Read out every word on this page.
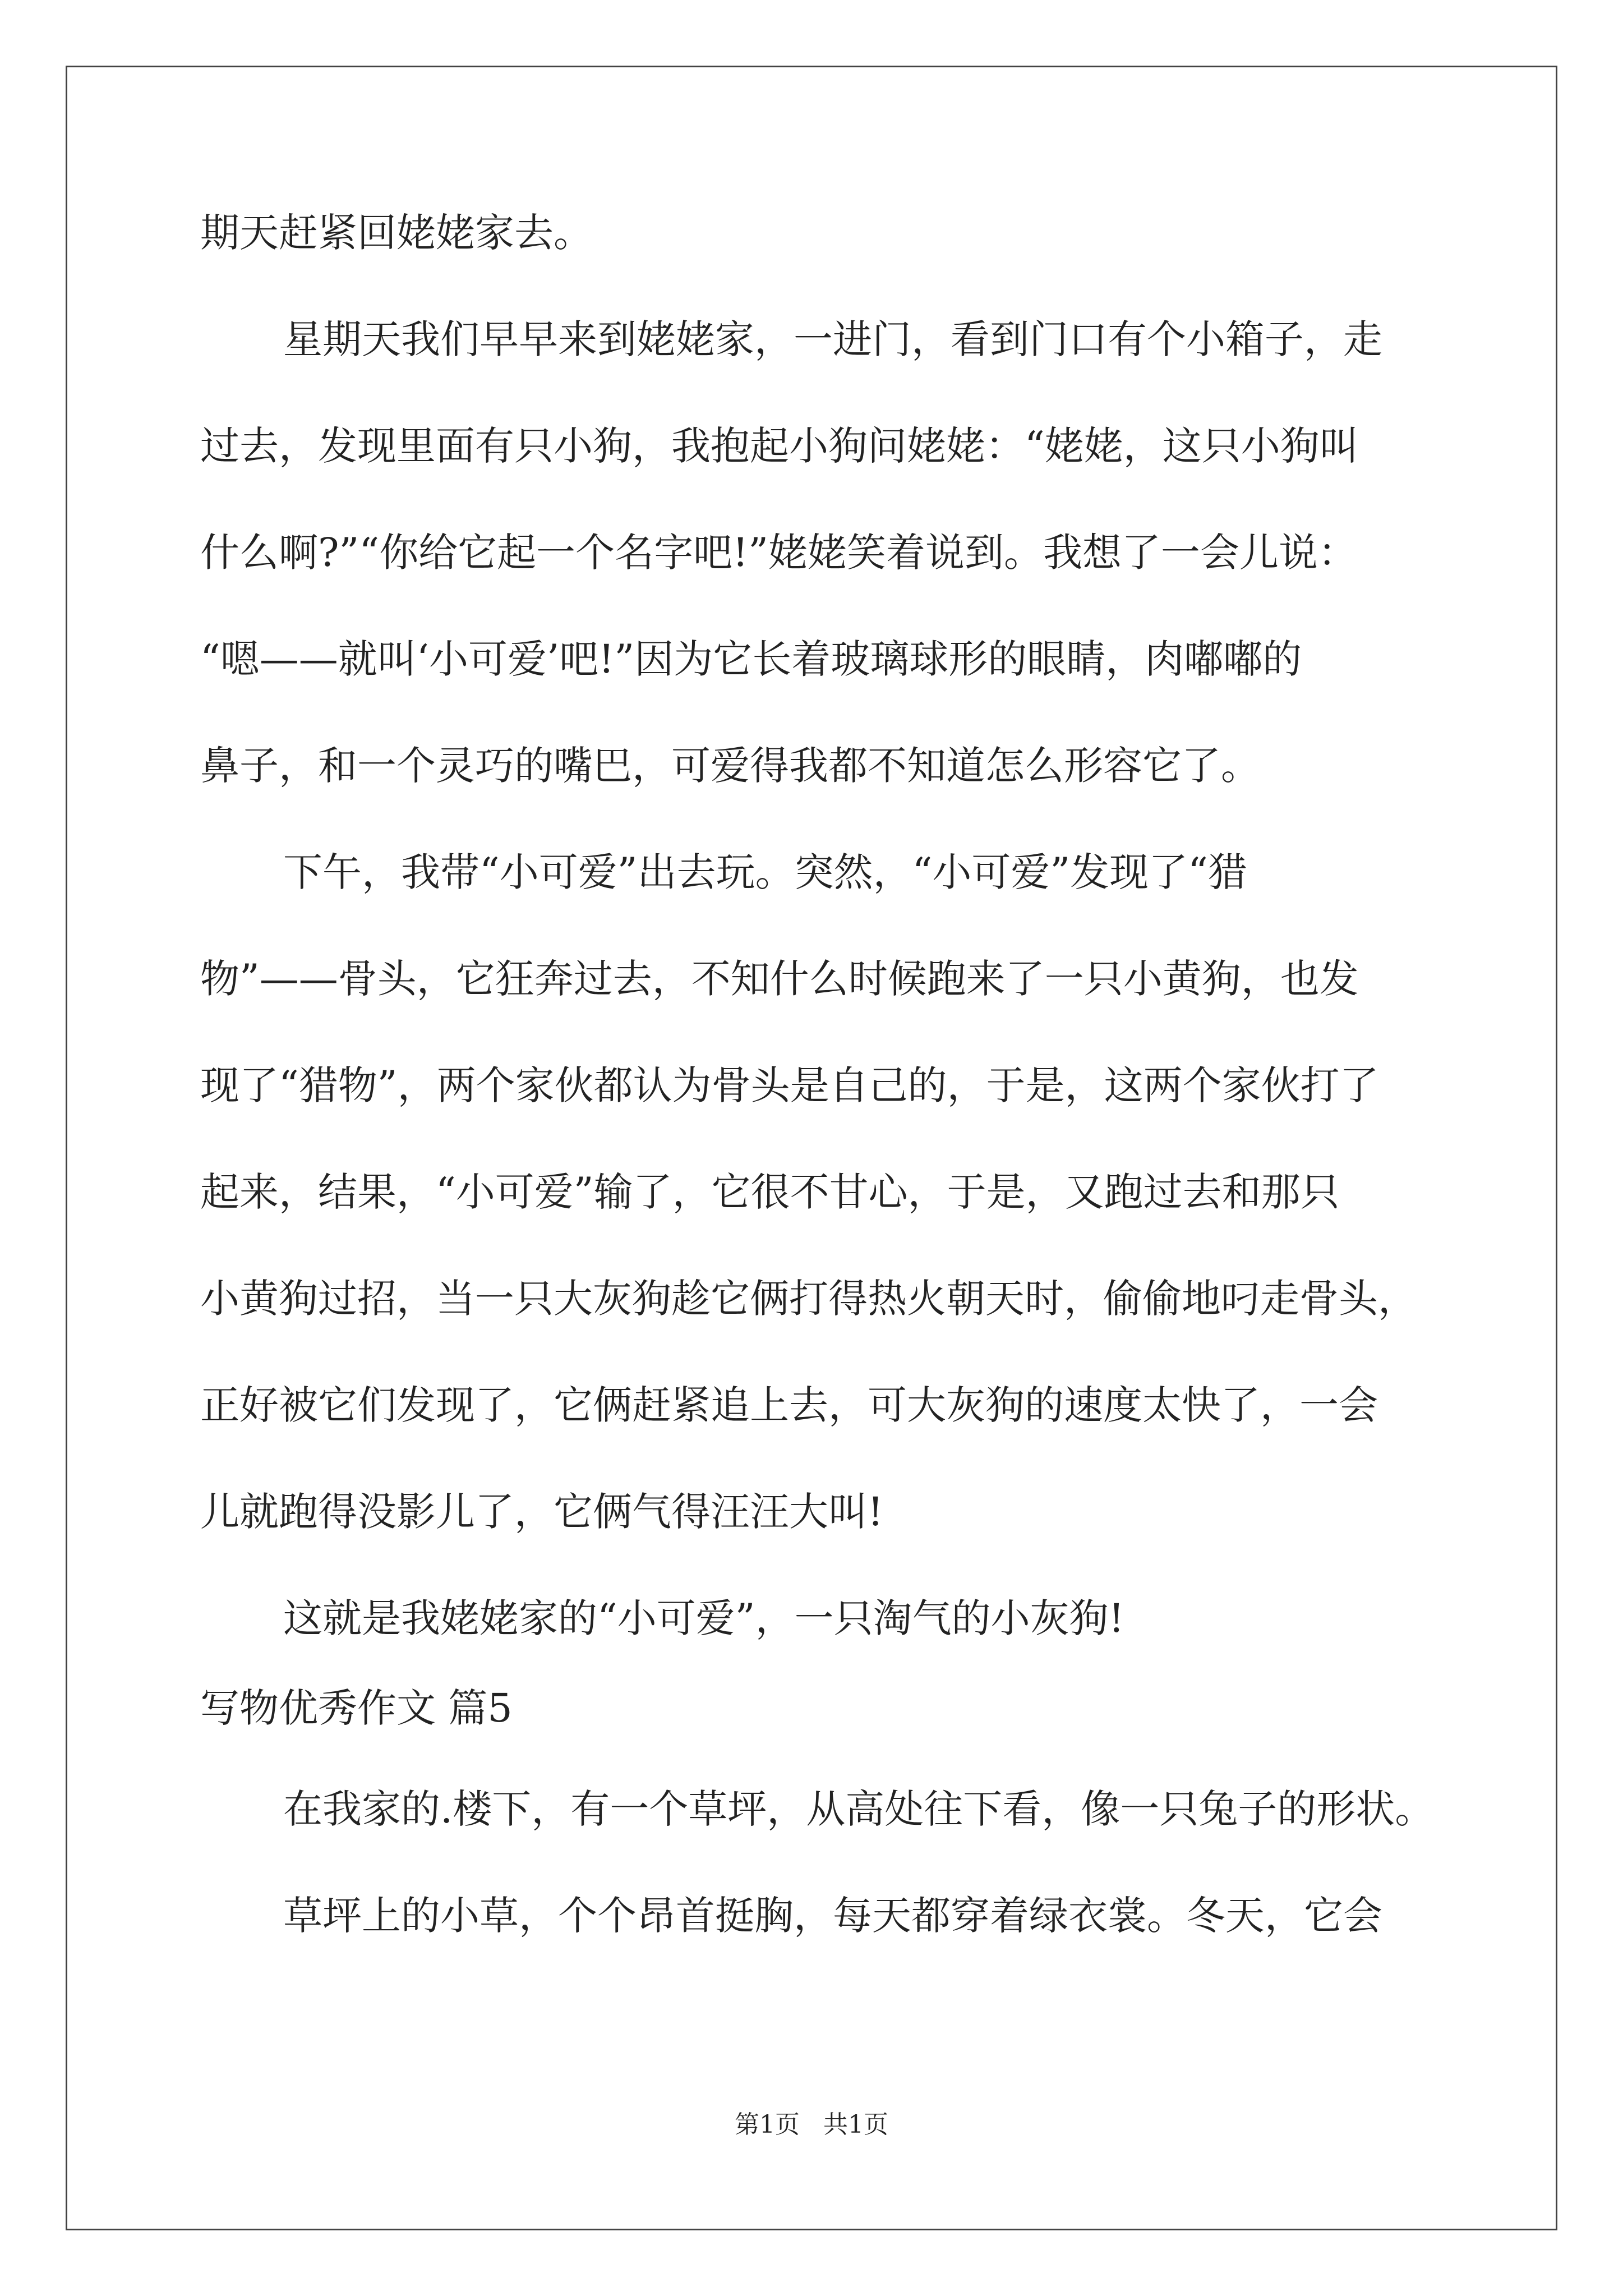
期天赶紧回姥姥家去。
星期天我们早早来到姥姥家，一进门，看到门口有个小箱子，走
过去，发现里面有只小狗，我抱起小狗问姥姥：“姥姥，这只小狗叫
什么啊?”“你给它起一个名字吧!”姥姥笑着说到。我想了一会儿说：
“嗯——就叫‘小可爱’吧!”因为它长着玻璃球形的眼睛，肉嘟嘟的
鼻子，和一个灵巧的嘴巴，可爱得我都不知道怎么形容它了。
下午，我带“小可爱”出去玩。突然，“小可爱”发现了“猎
物”——骨头，它狂奔过去，不知什么时候跑来了一只小黄狗，也发
现了“猎物”，两个家伙都认为骨头是自己的，于是，这两个家伙打了
起来，结果，“小可爱”输了，它很不甘心，于是，又跑过去和那只
小黄狗过招，当一只大灰狗趁它俩打得热火朝天时，偷偷地叼走骨头，
正好被它们发现了，它俩赶紧追上去，可大灰狗的速度太快了，一会
儿就跑得没影儿了，它俩气得汪汪大叫!
这就是我姥姥家的“小可爱”，一只淘气的小灰狗!
写物优秀作文 篇5
在我家的.楼下，有一个草坪，从高处往下看，像一只兔子的形状。
草坪上的小草，个个昂首挺胸，每天都穿着绿衣裳。冬天，它会
第1页   共1页
